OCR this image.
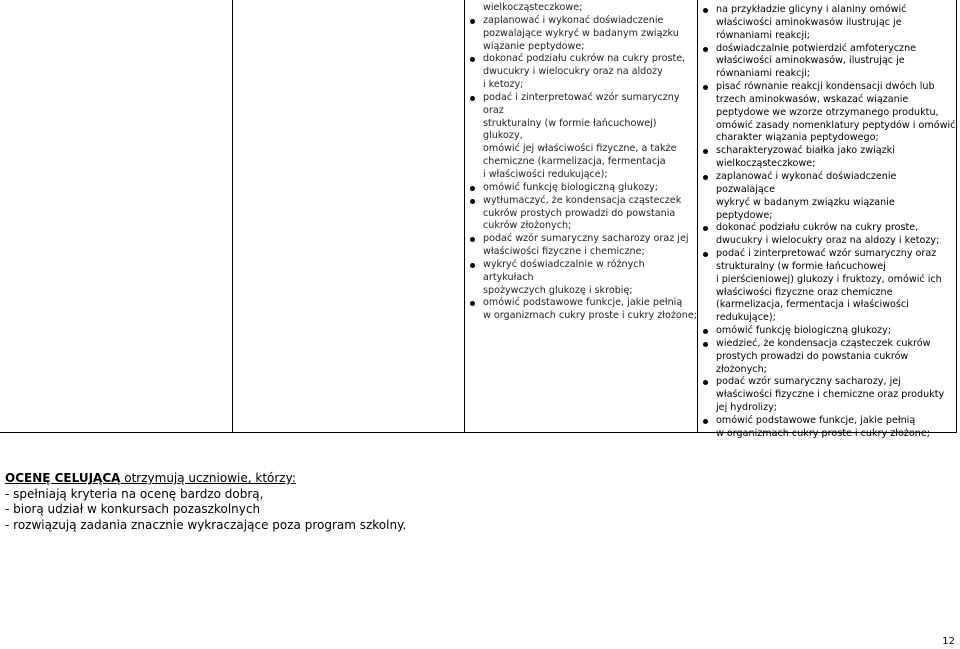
wielkocząsteczkowe;
zaplanować i wykonać doświadczenie
pozwalające wykryć w badanym związku
wiązanie peptydowe;
dokonać podziału cukrów na cukry proste,
dwucukry i wielocukry oraz na aldozy
i ketozy;
podać i zinterpretować wzór sumaryczny oraz
strukturalny (w formie łańcuchowej) glukozy,
omówić jej właściwości fizyczne, a także
chemiczne (karmelizacja, fermentacja
i właściwości redukujące);
omówić funkcję biologiczną glukozy;
wytłumaczyć, że kondensacja cząsteczek
cukrów prostych prowadzi do powstania
cukrów złożonych;
podać wzór sumaryczny sacharozy oraz jej
właściwości fizyczne i chemiczne;
wykryć doświadczalnie w różnych artykułach
spożywczych glukozę i skrobię;
omówić podstawowe funkcje, jakie pełnią
w organizmach cukry proste i cukry złożone;
na przykładzie glicyny i alaniny omówić
właściwości aminokwasów ilustrując je
równaniami reakcji;
doświadczalnie potwierdzić amfoteryczne
właściwości aminokwasów, ilustrując je
równaniami reakcji;
pisać równanie reakcji kondensacji dwóch lub
trzech aminokwasów, wskazać wiązanie
peptydowe we wzorze otrzymanego produktu,
omówić zasady nomenklatury peptydów i omówić
charakter wiązania peptydowego;
scharakteryzować białka jako związki
wielkocząsteczkowe;
zaplanować i wykonać doświadczenie pozwalające
wykryć w badanym związku wiązanie
peptydowe;
dokonać podziału cukrów na cukry proste,
dwucukry i wielocukry oraz na aldozy i ketozy;
podać i zinterpretować wzór sumaryczny oraz
strukturalny (w formie łańcuchowej
i pierścieniowej) glukozy i fruktozy, omówić ich
właściwości fizyczne oraz chemiczne
(karmelizacja, fermentacja i właściwości
redukujące);
omówić funkcję biologiczną glukozy;
wiedzieć, że kondensacja cząsteczek cukrów
prostych prowadzi do powstania cukrów
złożonych;
podać wzór sumaryczny sacharozy, jej
właściwości fizyczne i chemiczne oraz produkty
jej hydrolizy;
omówić podstawowe funkcje, jakie pełnią
w organizmach cukry proste i cukry złożone;
OCENĘ CELUJĄCĄ otrzymują uczniowie, którzy:
- spełniają kryteria na ocenę bardzo dobrą,
- biorą udział w konkursach pozaszkolnych
- rozwiązują zadania znacznie wykraczające poza program szkolny.
12
